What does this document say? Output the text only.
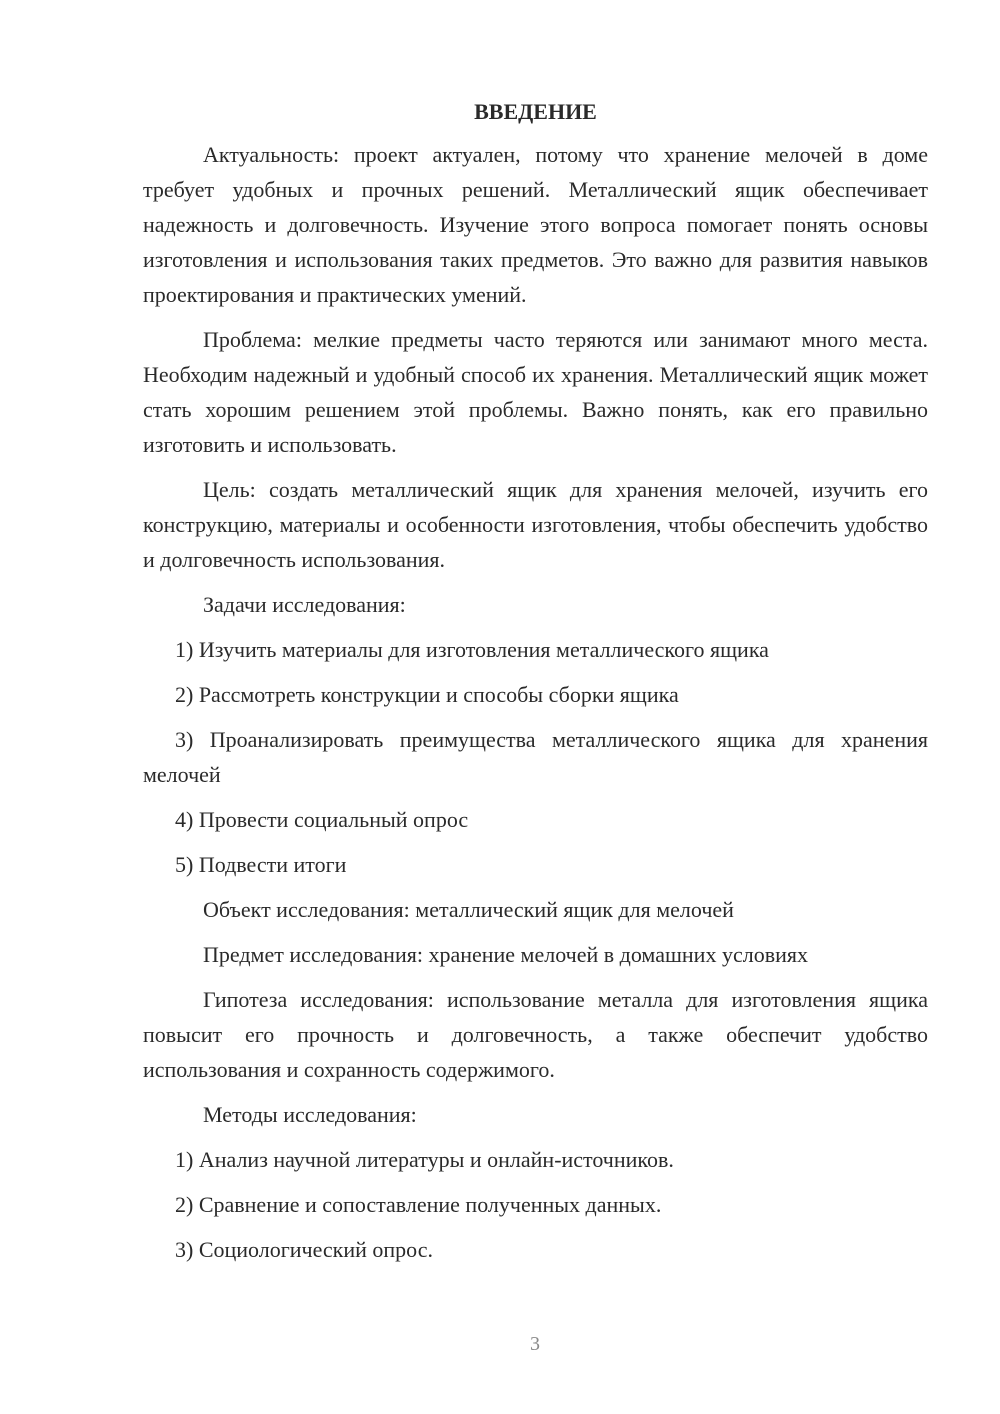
ВВЕДЕНИЕ

Актуальность: проект актуален, потому что хранение мелочей в доме требует удобных и прочных решений. Металлический ящик обеспечивает надежность и долговечность. Изучение этого вопроса помогает понять основы изготовления и использования таких предметов. Это важно для развития навыков проектирования и практических умений.

Проблема: мелкие предметы часто теряются или занимают много места. Необходим надежный и удобный способ их хранения. Металлический ящик может стать хорошим решением этой проблемы. Важно понять, как его правильно изготовить и использовать.

Цель: создать металлический ящик для хранения мелочей, изучить его конструкцию, материалы и особенности изготовления, чтобы обеспечить удобство и долговечность использования.

Задачи исследования:

1) Изучить материалы для изготовления металлического ящика

2) Рассмотреть конструкции и способы сборки ящика

3) Проанализировать преимущества металлического ящика для хранения мелочей

4) Провести социальный опрос

5) Подвести итоги

Объект исследования: металлический ящик для мелочей

Предмет исследования: хранение мелочей в домашних условиях

Гипотеза исследования: использование металла для изготовления ящика повысит его прочность и долговечность, а также обеспечит удобство использования и сохранность содержимого.

Методы исследования:

1) Анализ научной литературы и онлайн-источников.

2) Сравнение и сопоставление полученных данных.

3) Социологический опрос.

3
